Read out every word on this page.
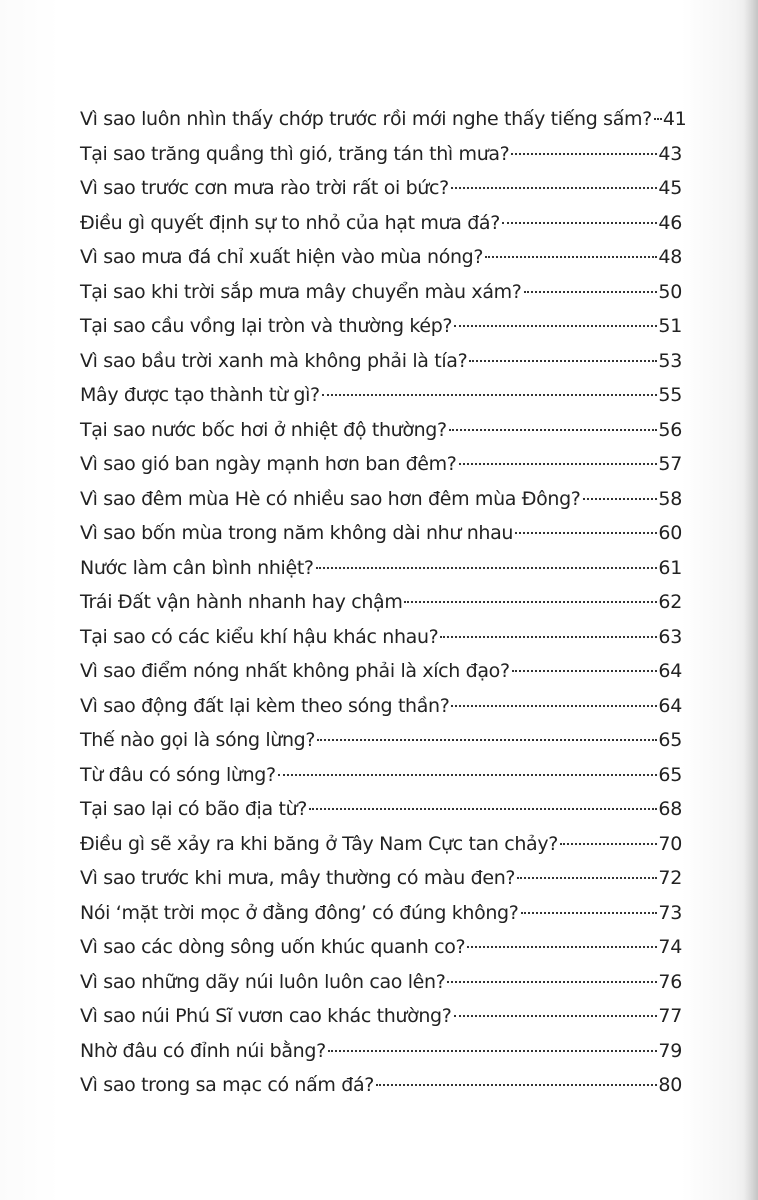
Vì sao luôn nhìn thấy chớp trước rồi mới nghe thấy tiếng sấm? 41
Tại sao trăng quầng thì gió, trăng tán thì mưa?	43
Vì sao trước cơn mưa rào trời rất oi bức?	45
Điều gì quyết định sự to nhỏ của hạt mưa đá?	46
Vì sao mưa đá chỉ xuất hiện vào mùa nóng?	48
Tại sao khi trời sắp mưa mây chuyển màu xám?	50
Tại sao cầu vồng lại tròn và thường kép?	51
Vì sao bầu trời xanh mà không phải là tía?	53
Mây được tạo thành từ gì?	55
Tại sao nước bốc hơi ở nhiệt độ thường?	56
Vì sao gió ban ngày mạnh hơn ban đêm?	57
Vì sao đêm mùa Hè có nhiều sao hơn đêm mùa Đông?	58
Vì sao bốn mùa trong năm không dài như nhau	60
Nước làm cân bình nhiệt?	61
Trái Đất vận hành nhanh hay chậm	62
Tại sao có các kiểu khí hậu khác nhau?	63
Vì sao điểm nóng nhất không phải là xích đạo?	64
Vì sao động đất lại kèm theo sóng thần?	64
Thế nào gọi là sóng lừng?	65
Từ đâu có sóng lừng?	65
Tại sao lại có bão địa từ?	68
Điều gì sẽ xảy ra khi băng ở Tây Nam Cực tan chảy?	70
Vì sao trước khi mưa, mây thường có màu đen?	72
Nói ‘mặt trời mọc ở đằng đông’ có đúng không?	73
Vì sao các dòng sông uốn khúc quanh co?	74
Vì sao những dãy núi luôn luôn cao lên?	76
Vì sao núi Phú Sĩ vươn cao khác thường?	77
Nhờ đâu có đỉnh núi bằng?	79
Vì sao trong sa mạc có nấm đá?	80
